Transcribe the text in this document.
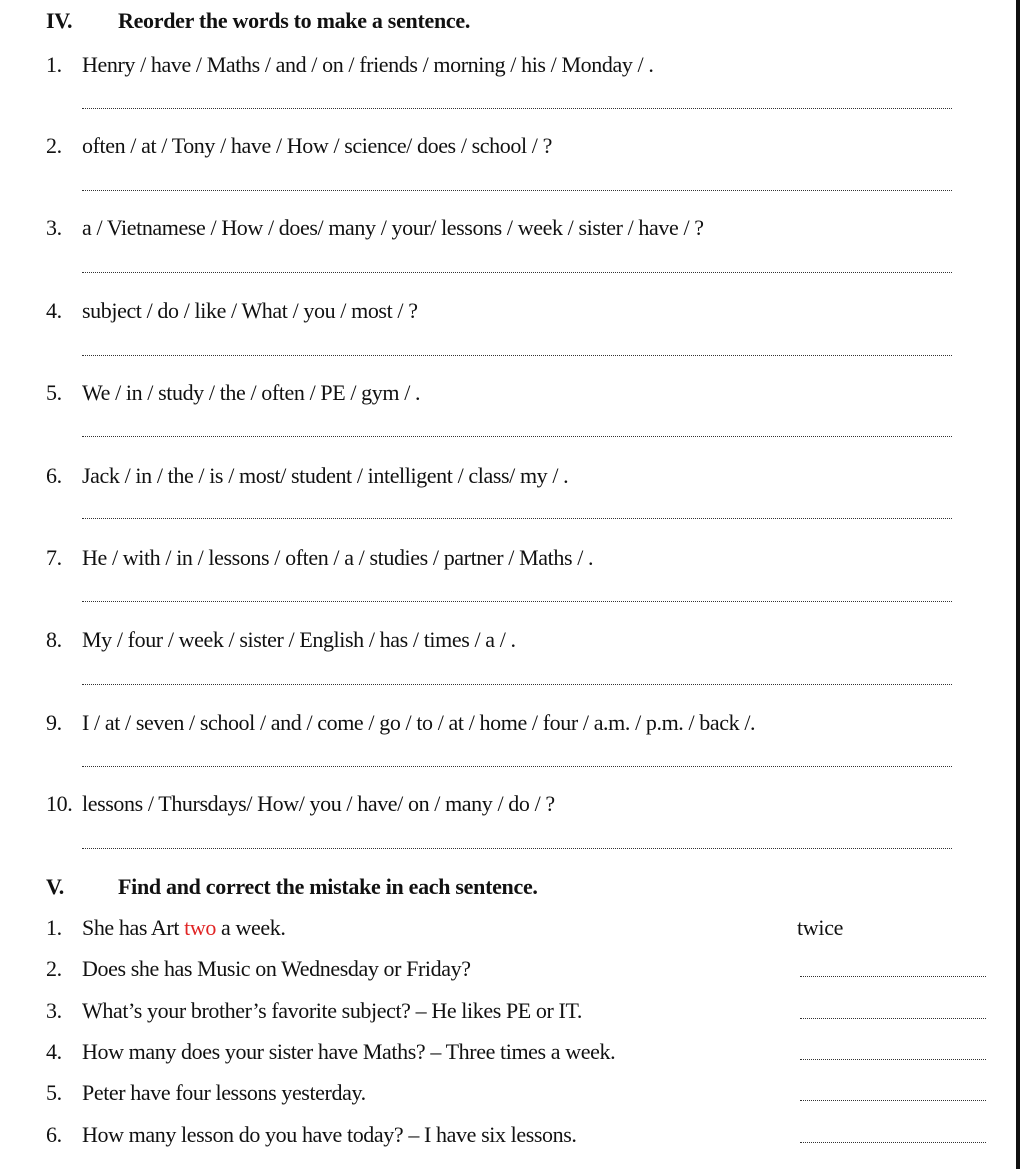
IV. Reorder the words to make a sentence.
1. Henry / have / Maths / and / on / friends / morning / his / Monday / .
2. often / at / Tony / have / How / science/ does / school / ?
3. a / Vietnamese / How / does/ many / your/ lessons / week / sister / have / ?
4. subject / do / like / What / you / most / ?
5. We / in / study / the / often / PE / gym / .
6. Jack / in / the / is / most/ student / intelligent / class/ my / .
7. He / with / in / lessons / often / a / studies / partner / Maths / .
8. My / four / week / sister / English / has / times / a / .
9. I / at / seven / school / and / come / go / to / at / home / four / a.m. / p.m. / back /.
10. lessons / Thursdays/ How/ you / have/ on / many / do / ?
V. Find and correct the mistake in each sentence.
1. She has Art two a week.	twice
2. Does she has Music on Wednesday or Friday?
3. What’s your brother’s favorite subject? – He likes PE or IT.
4. How many does your sister have Maths? – Three times a week.
5. Peter have four lessons yesterday.
6. How many lesson do you have today? – I have six lessons.
